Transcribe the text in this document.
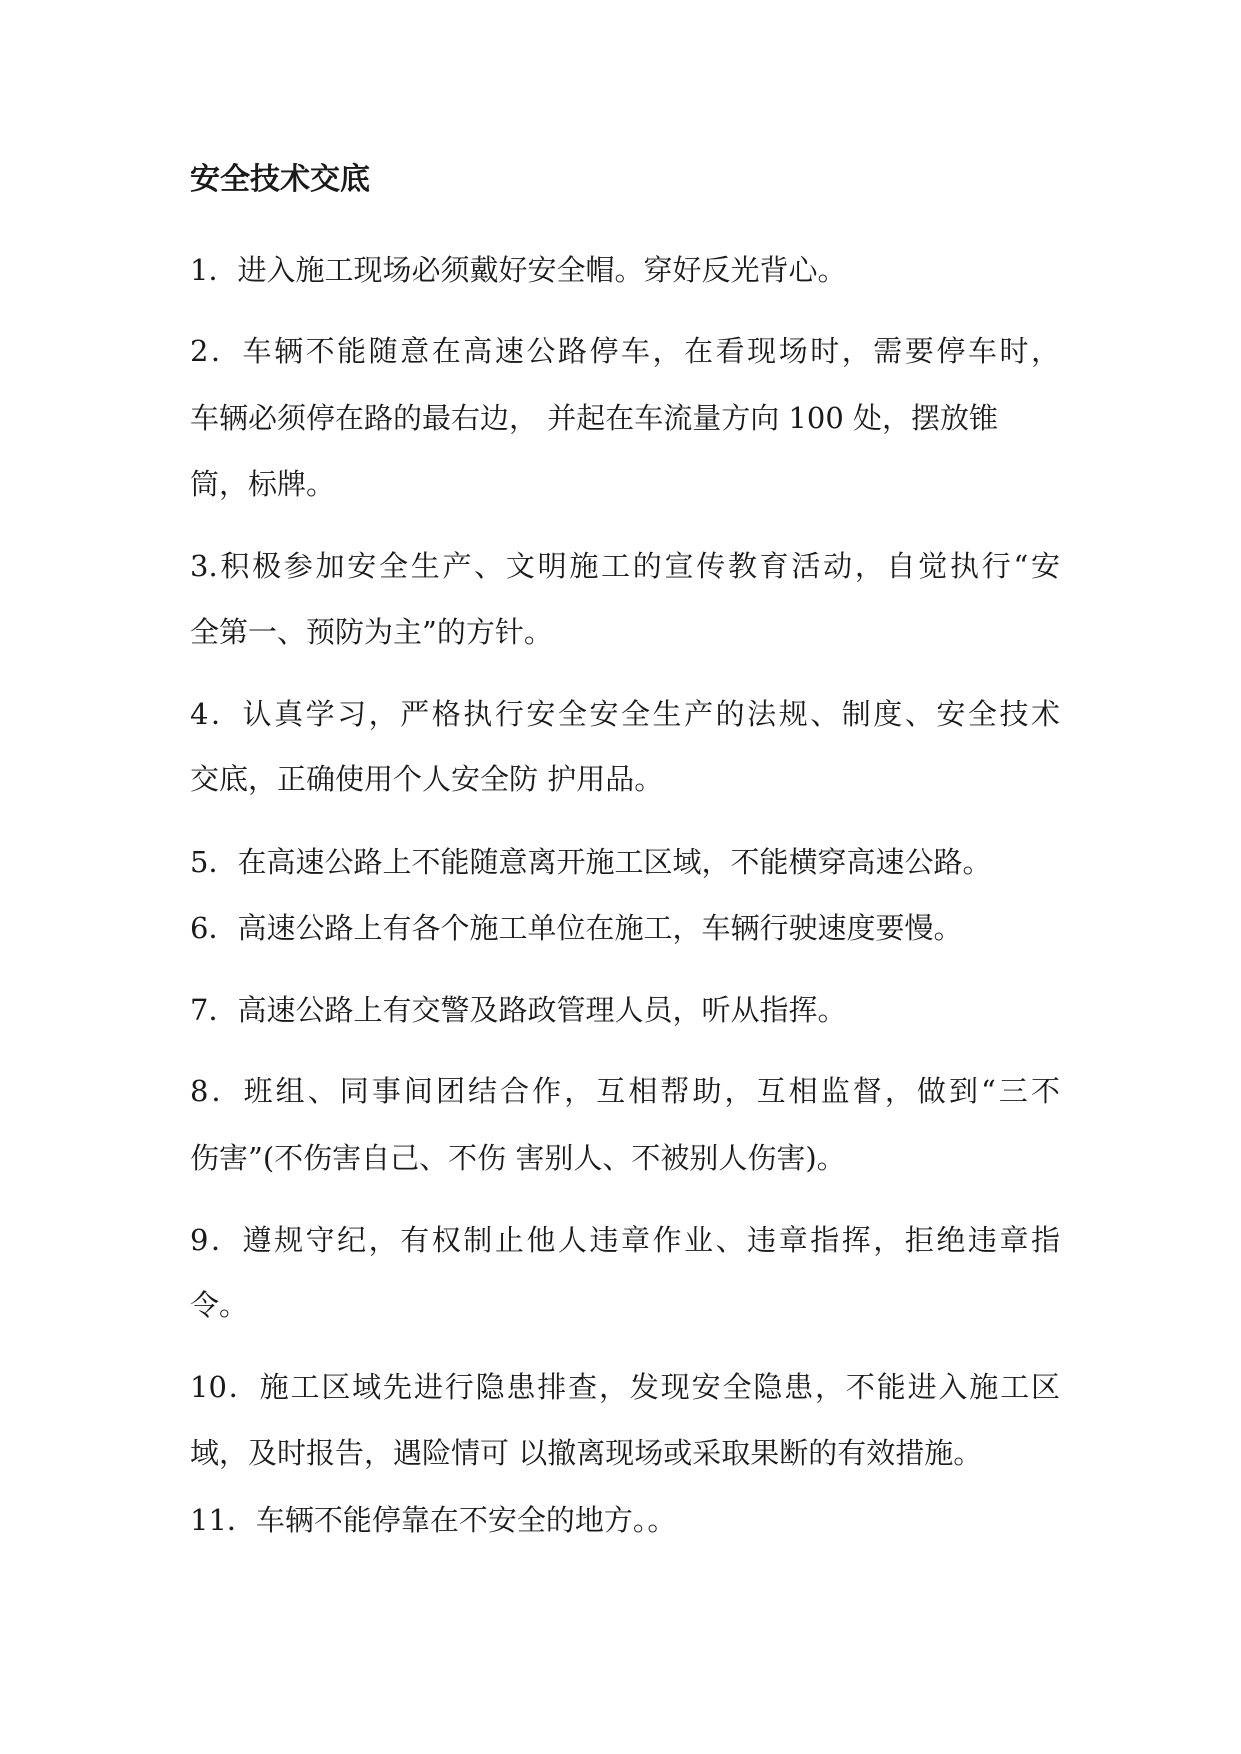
安全技术交底
1．进入施工现场必须戴好安全帽。穿好反光背心。
2．车辆不能随意在高速公路停车，在看现场时，需要停车时，
车辆必须停在路的最右边， 并起在车流量方向 100 处，摆放锥
筒，标牌。
3.积极参加安全生产、文明施工的宣传教育活动，自觉执行“安
全第一、预防为主”的方针。
4．认真学习，严格执行安全安全生产的法规、制度、安全技术
交底，正确使用个人安全防 护用品。
5．在高速公路上不能随意离开施工区域，不能横穿高速公路。
6．高速公路上有各个施工单位在施工，车辆行驶速度要慢。
7．高速公路上有交警及路政管理人员，听从指挥。
8．班组、同事间团结合作，互相帮助，互相监督，做到“三不
伤害”(不伤害自己、不伤 害别人、不被别人伤害)。
9．遵规守纪，有权制止他人违章作业、违章指挥，拒绝违章指
令。
10．施工区域先进行隐患排查，发现安全隐患，不能进入施工区
域，及时报告，遇险情可 以撤离现场或采取果断的有效措施。
11．车辆不能停靠在不安全的地方。。
